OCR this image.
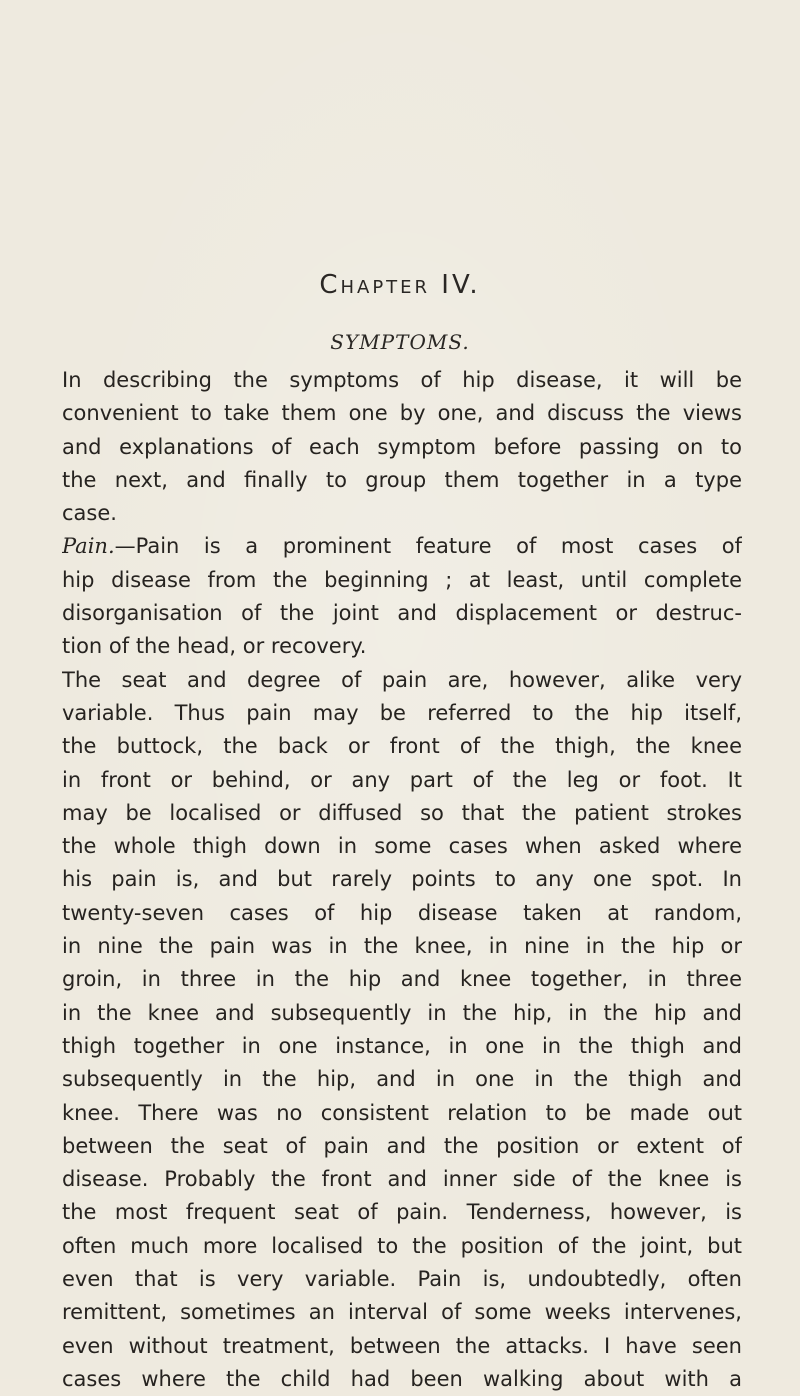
Chapter IV.
SYMPTOMS.
In describing the symptoms of hip disease, it will be
convenient to take them one by one, and discuss the views
and explanations of each symptom before passing on to
the next, and finally to group them together in a type
case.
Pain.—Pain is a prominent feature of most cases of
hip disease from the beginning ; at least, until complete
disorganisation of the joint and displacement or destruc-
tion of the head, or recovery.
The seat and degree of pain are, however, alike very
variable. Thus pain may be referred to the hip itself,
the buttock, the back or front of the thigh, the knee
in front or behind, or any part of the leg or foot. It
may be localised or diffused so that the patient strokes
the whole thigh down in some cases when asked where
his pain is, and but rarely points to any one spot. In
twenty-seven cases of hip disease taken at random,
in nine the pain was in the knee, in nine in the hip or
groin, in three in the hip and knee together, in three
in the knee and subsequently in the hip, in the hip and
thigh together in one instance, in one in the thigh and
subsequently in the hip, and in one in the thigh and
knee. There was no consistent relation to be made out
between the seat of pain and the position or extent of
disease. Probably the front and inner side of the knee is
the most frequent seat of pain. Tenderness, however, is
often much more localised to the position of the joint, but
even that is very variable. Pain is, undoubtedly, often
remittent, sometimes an interval of some weeks intervenes,
even without treatment, between the attacks. I have seen
cases where the child had been walking about with a
